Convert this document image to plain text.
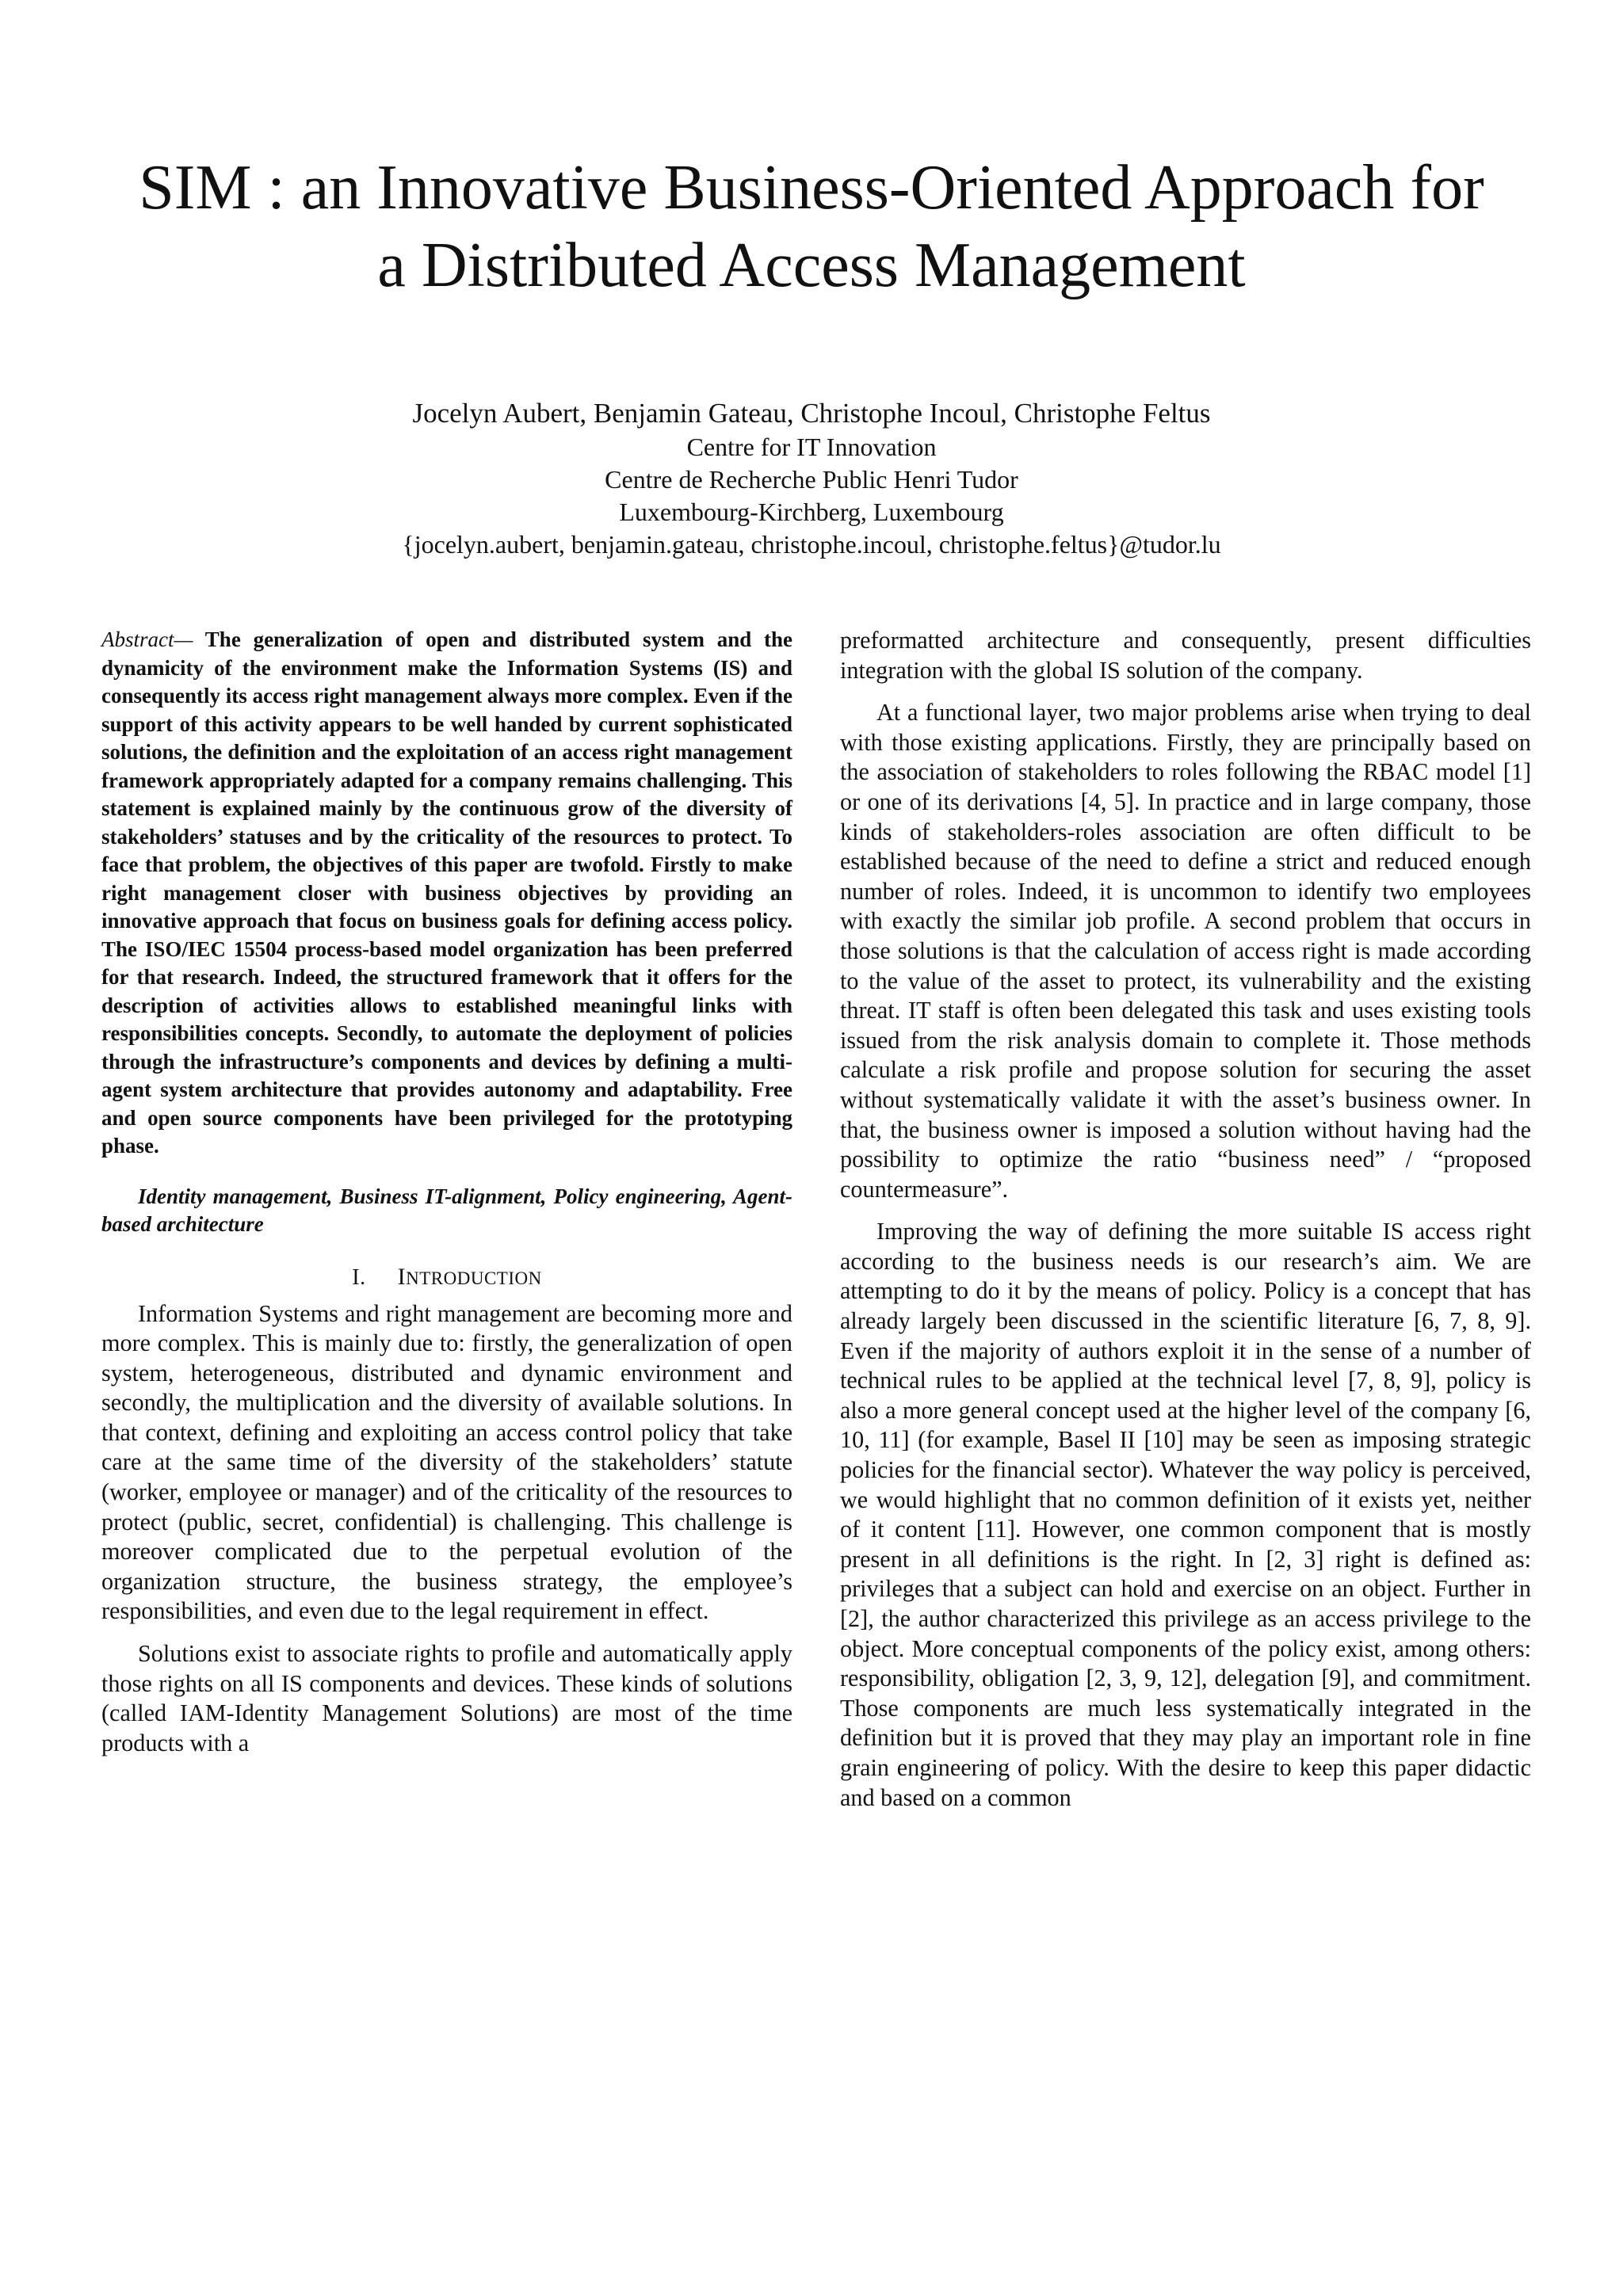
SIM : an Innovative Business-Oriented Approach for
a Distributed Access Management
Jocelyn Aubert, Benjamin Gateau, Christophe Incoul, Christophe Feltus
Centre for IT Innovation
Centre de Recherche Public Henri Tudor
Luxembourg-Kirchberg, Luxembourg
{jocelyn.aubert, benjamin.gateau, christophe.incoul, christophe.feltus}@tudor.lu

Abstract— The generalization of open and distributed system and the dynamicity of the environment make the Information Systems (IS) and consequently its access right management always more complex. Even if the support of this activity appears to be well handed by current sophisticated solutions, the definition and the exploitation of an access right management framework appropriately adapted for a company remains challenging. This statement is explained mainly by the continuous grow of the diversity of stakeholders’ statuses and by the criticality of the resources to protect. To face that problem, the objectives of this paper are twofold. Firstly to make right management closer with business objectives by providing an innovative approach that focus on business goals for defining access policy. The ISO/IEC 15504 process-based model organization has been preferred for that research. Indeed, the structured framework that it offers for the description of activities allows to established meaningful links with responsibilities concepts. Secondly, to automate the deployment of policies through the infrastructure’s components and devices by defining a multi-agent system architecture that provides autonomy and adaptability. Free and open source components have been privileged for the prototyping phase.

Identity management, Business IT-alignment, Policy engineering, Agent-based architecture

I. INTRODUCTION

Information Systems and right management are becoming more and more complex. This is mainly due to: firstly, the generalization of open system, heterogeneous, distributed and dynamic environment and secondly, the multiplication and the diversity of available solutions. In that context, defining and exploiting an access control policy that take care at the same time of the diversity of the stakeholders’ statute (worker, employee or manager) and of the criticality of the resources to protect (public, secret, confidential) is challenging. This challenge is moreover complicated due to the perpetual evolution of the organization structure, the business strategy, the employee’s responsibilities, and even due to the legal requirement in effect.

Solutions exist to associate rights to profile and automatically apply those rights on all IS components and devices. These kinds of solutions (called IAM-Identity Management Solutions) are most of the time products with a

preformatted architecture and consequently, present difficulties integration with the global IS solution of the company.

At a functional layer, two major problems arise when trying to deal with those existing applications. Firstly, they are principally based on the association of stakeholders to roles following the RBAC model [1] or one of its derivations [4, 5]. In practice and in large company, those kinds of stakeholders-roles association are often difficult to be established because of the need to define a strict and reduced enough number of roles. Indeed, it is uncommon to identify two employees with exactly the similar job profile. A second problem that occurs in those solutions is that the calculation of access right is made according to the value of the asset to protect, its vulnerability and the existing threat. IT staff is often been delegated this task and uses existing tools issued from the risk analysis domain to complete it. Those methods calculate a risk profile and propose solution for securing the asset without systematically validate it with the asset’s business owner. In that, the business owner is imposed a solution without having had the possibility to optimize the ratio “business need” / “proposed countermeasure”.

Improving the way of defining the more suitable IS access right according to the business needs is our research’s aim. We are attempting to do it by the means of policy. Policy is a concept that has already largely been discussed in the scientific literature [6, 7, 8, 9]. Even if the majority of authors exploit it in the sense of a number of technical rules to be applied at the technical level [7, 8, 9], policy is also a more general concept used at the higher level of the company [6, 10, 11] (for example, Basel II [10] may be seen as imposing strategic policies for the financial sector). Whatever the way policy is perceived, we would highlight that no common definition of it exists yet, neither of it content [11]. However, one common component that is mostly present in all definitions is the right. In [2, 3] right is defined as: privileges that a subject can hold and exercise on an object. Further in [2], the author characterized this privilege as an access privilege to the object. More conceptual components of the policy exist, among others: responsibility, obligation [2, 3, 9, 12], delegation [9], and commitment. Those components are much less systematically integrated in the definition but it is proved that they may play an important role in fine grain engineering of policy. With the desire to keep this paper didactic and based on a common
